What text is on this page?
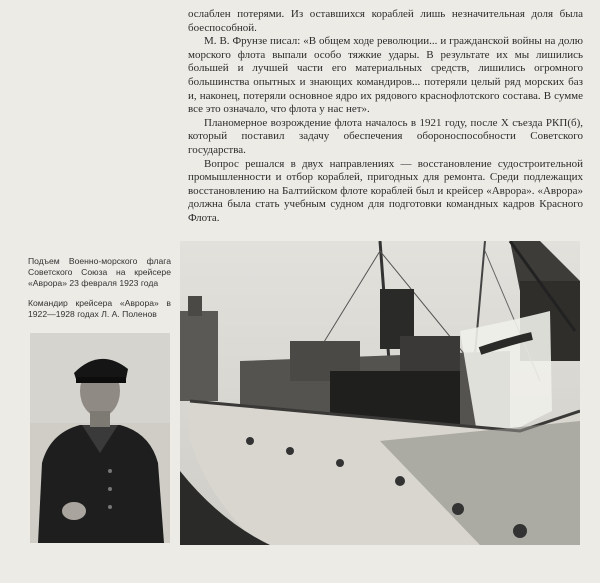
ослаблен потерями. Из оставшихся кораблей лишь незначительная доля была боеспособной.

М. В. Фрунзе писал: «В общем ходе революции... и гражданской войны на долю морского флота выпали особо тяжкие удары. В результате их мы лишились большей и лучшей части его материальных средств, лишились огромного большинства опытных и знающих командиров... потеряли целый ряд морских баз и, наконец, потеряли основное ядро их рядового краснофлотского состава. В сумме все это означало, что флота у нас нет».

Планомерное возрождение флота началось в 1921 году, после X съезда РКП(б), который поставил задачу обеспечения обороноспособности Советского государства.

Вопрос решался в двух направлениях — восстановление судостроительной промышленности и отбор кораблей, пригодных для ремонта. Среди подлежащих восстановлению на Балтийском флоте кораблей был и крейсер «Аврора». «Аврора» должна была стать учебным судном для подготовки командных кадров Красного Флота.

Подъем Военно-морского флага Советского Союза на крейсере «Аврора» 23 февраля 1923 года
Командир крейсера «Аврора» в 1922—1928 годах Л. А. Поленов
